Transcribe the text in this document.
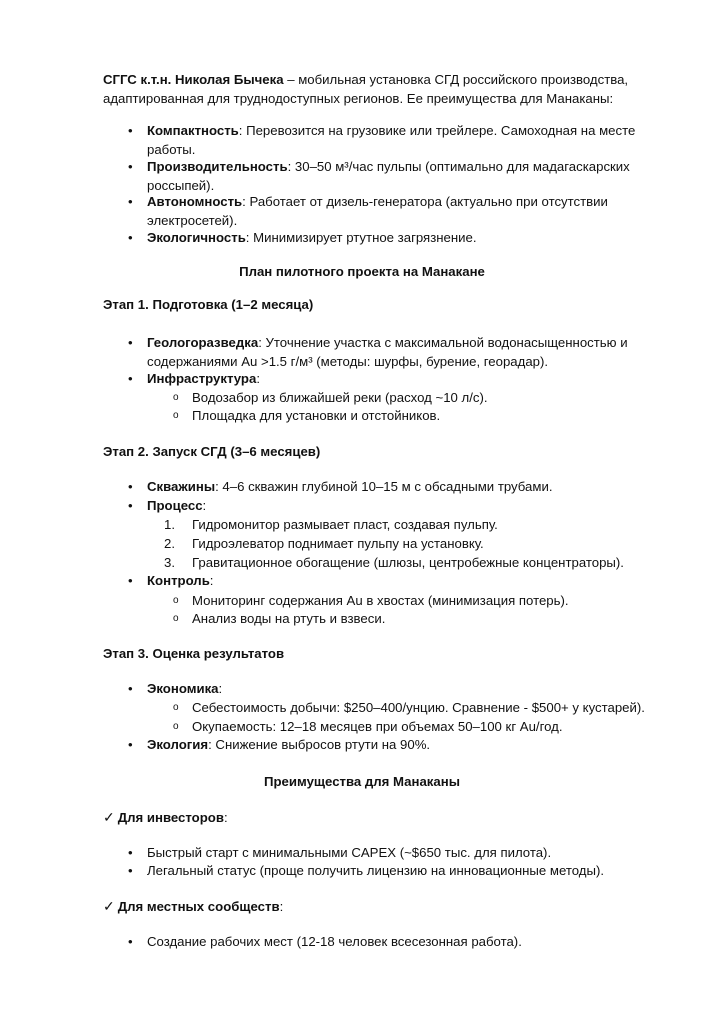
СГГС к.т.н. Николая Бычека – мобильная установка СГД российского производства, адаптированная для труднодоступных регионов. Ее преимущества для Манаканы:
• Компактность: Перевозится на грузовике или трейлере. Самоходная на месте работы.
• Производительность: 30–50 м³/час пульпы (оптимально для мадагаскарских россыпей).
• Автономность: Работает от дизель-генератора (актуально при отсутствии электросетей).
• Экологичность: Минимизирует ртутное загрязнение.
План пилотного проекта на Манакане
Этап 1. Подготовка (1–2 месяца)
• Геологоразведка: Уточнение участка с максимальной водонасыщенностью и содержаниями Au >1.5 г/м³ (методы: шурфы, бурение, георадар).
• Инфраструктура:
o Водозабор из ближайшей реки (расход ~10 л/с).
o Площадка для установки и отстойников.
Этап 2. Запуск СГД (3–6 месяцев)
• Скважины: 4–6 скважин глубиной 10–15 м с обсадными трубами.
• Процесс:
1. Гидромонитор размывает пласт, создавая пульпу.
2. Гидроэлеватор поднимает пульпу на установку.
3. Гравитационное обогащение (шлюзы, центробежные концентраторы).
• Контроль:
o Мониторинг содержания Au в хвостах (минимизация потерь).
o Анализ воды на ртуть и взвеси.
Этап 3. Оценка результатов
• Экономика:
o Себестоимость добычи: $250–400/унцию. Сравнение - $500+ у кустарей).
o Окупаемость: 12–18 месяцев при объемах 50–100 кг Au/год.
• Экология: Снижение выбросов ртути на 90%.
Преимущества для Манаканы
✓ Для инвесторов:
• Быстрый старт с минимальными CAPEX (~$650 тыс. для пилота).
• Легальный статус (проще получить лицензию на инновационные методы).
✓ Для местных сообществ:
• Создание рабочих мест (12-18 человек всесезонная работа).
